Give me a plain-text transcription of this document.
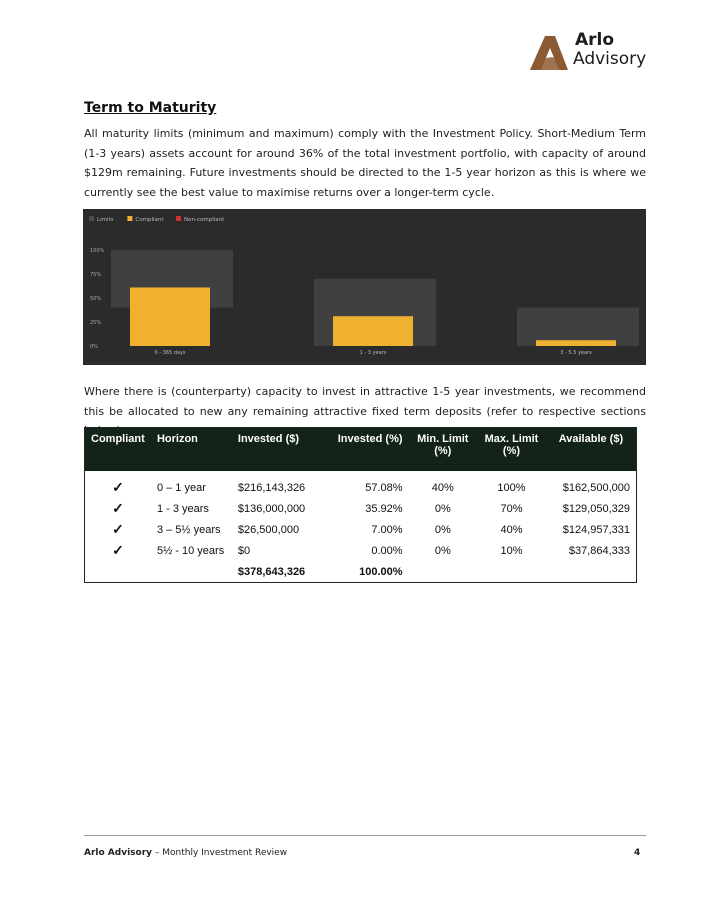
Arlo
Advisory
Term to Maturity
All maturity limits (minimum and maximum) comply with the Investment Policy. Short-Medium Term (1-3 years) assets account for around 36% of the total investment portfolio, with capacity of around $129m remaining. Future investments should be directed to the 1-5 year horizon as this is where we currently see the best value to maximise returns over a longer-term cycle.
Limits	Compliant	Non-compliant
100%
75%
50%
25%
0%
0 - 365 days	1 - 3 years	3 - 5.5 years
Where there is (counterparty) capacity to invest in attractive 1-5 year investments, we recommend this be allocated to new any remaining attractive fixed term deposits (refer to respective sections
Compliant	Horizon	Invested ($)	Invested (%)	Min. Limit (%)	Max. Limit (%)	Available ($)
✓	0 – 1 year	$216,143,326	57.08%	40%	100%	$162,500,000
✓	1 - 3 years	$136,000,000	35.92%	0%	70%	$129,050,329
✓	3 – 5½ years	$26,500,000	7.00%	0%	40%	$124,957,331
✓	5½ - 10 years	$0	0.00%	0%	10%	$37,864,333
		$378,643,326	100.00%			
Arlo Advisory – Monthly Investment Review	4
